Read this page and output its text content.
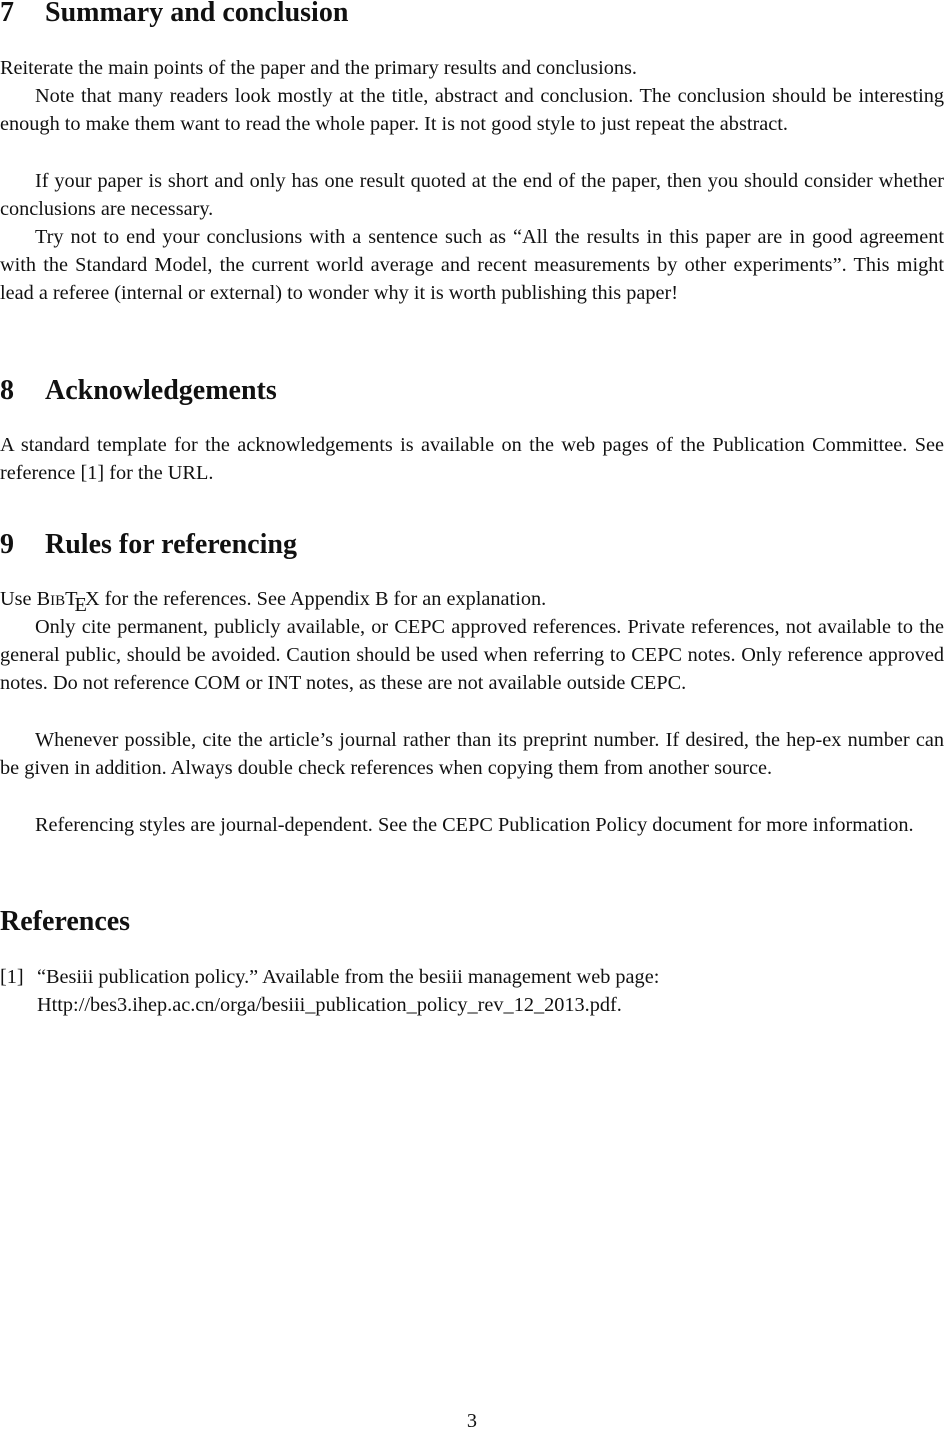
7 Summary and conclusion

Reiterate the main points of the paper and the primary results and conclusions.

Note that many readers look mostly at the title, abstract and conclusion. The conclusion should be interesting enough to make them want to read the whole paper. It is not good style to just repeat the abstract.

If your paper is short and only has one result quoted at the end of the paper, then you should consider whether conclusions are necessary.

Try not to end your conclusions with a sentence such as “All the results in this paper are in good agreement with the Standard Model, the current world average and recent measurements by other experiments”. This might lead a referee (internal or external) to wonder why it is worth publishing this paper!

8 Acknowledgements

A standard template for the acknowledgements is available on the web pages of the Publication Committee. See reference [1] for the URL.

9 Rules for referencing

Use BIBTEX for the references. See Appendix B for an explanation.

Only cite permanent, publicly available, or CEPC approved references. Private references, not available to the general public, should be avoided. Caution should be used when referring to CEPC notes. Only reference approved notes. Do not reference COM or INT notes, as these are not available outside CEPC.

Whenever possible, cite the article’s journal rather than its preprint number. If desired, the hep-ex number can be given in addition. Always double check references when copying them from another source.

Referencing styles are journal-dependent. See the CEPC Publication Policy document for more information.

References
[1] “Besiii publication policy.” Available from the besiii management web page:
Http://bes3.ihep.ac.cn/orga/besiii_publication_policy_rev_12_2013.pdf.
3
